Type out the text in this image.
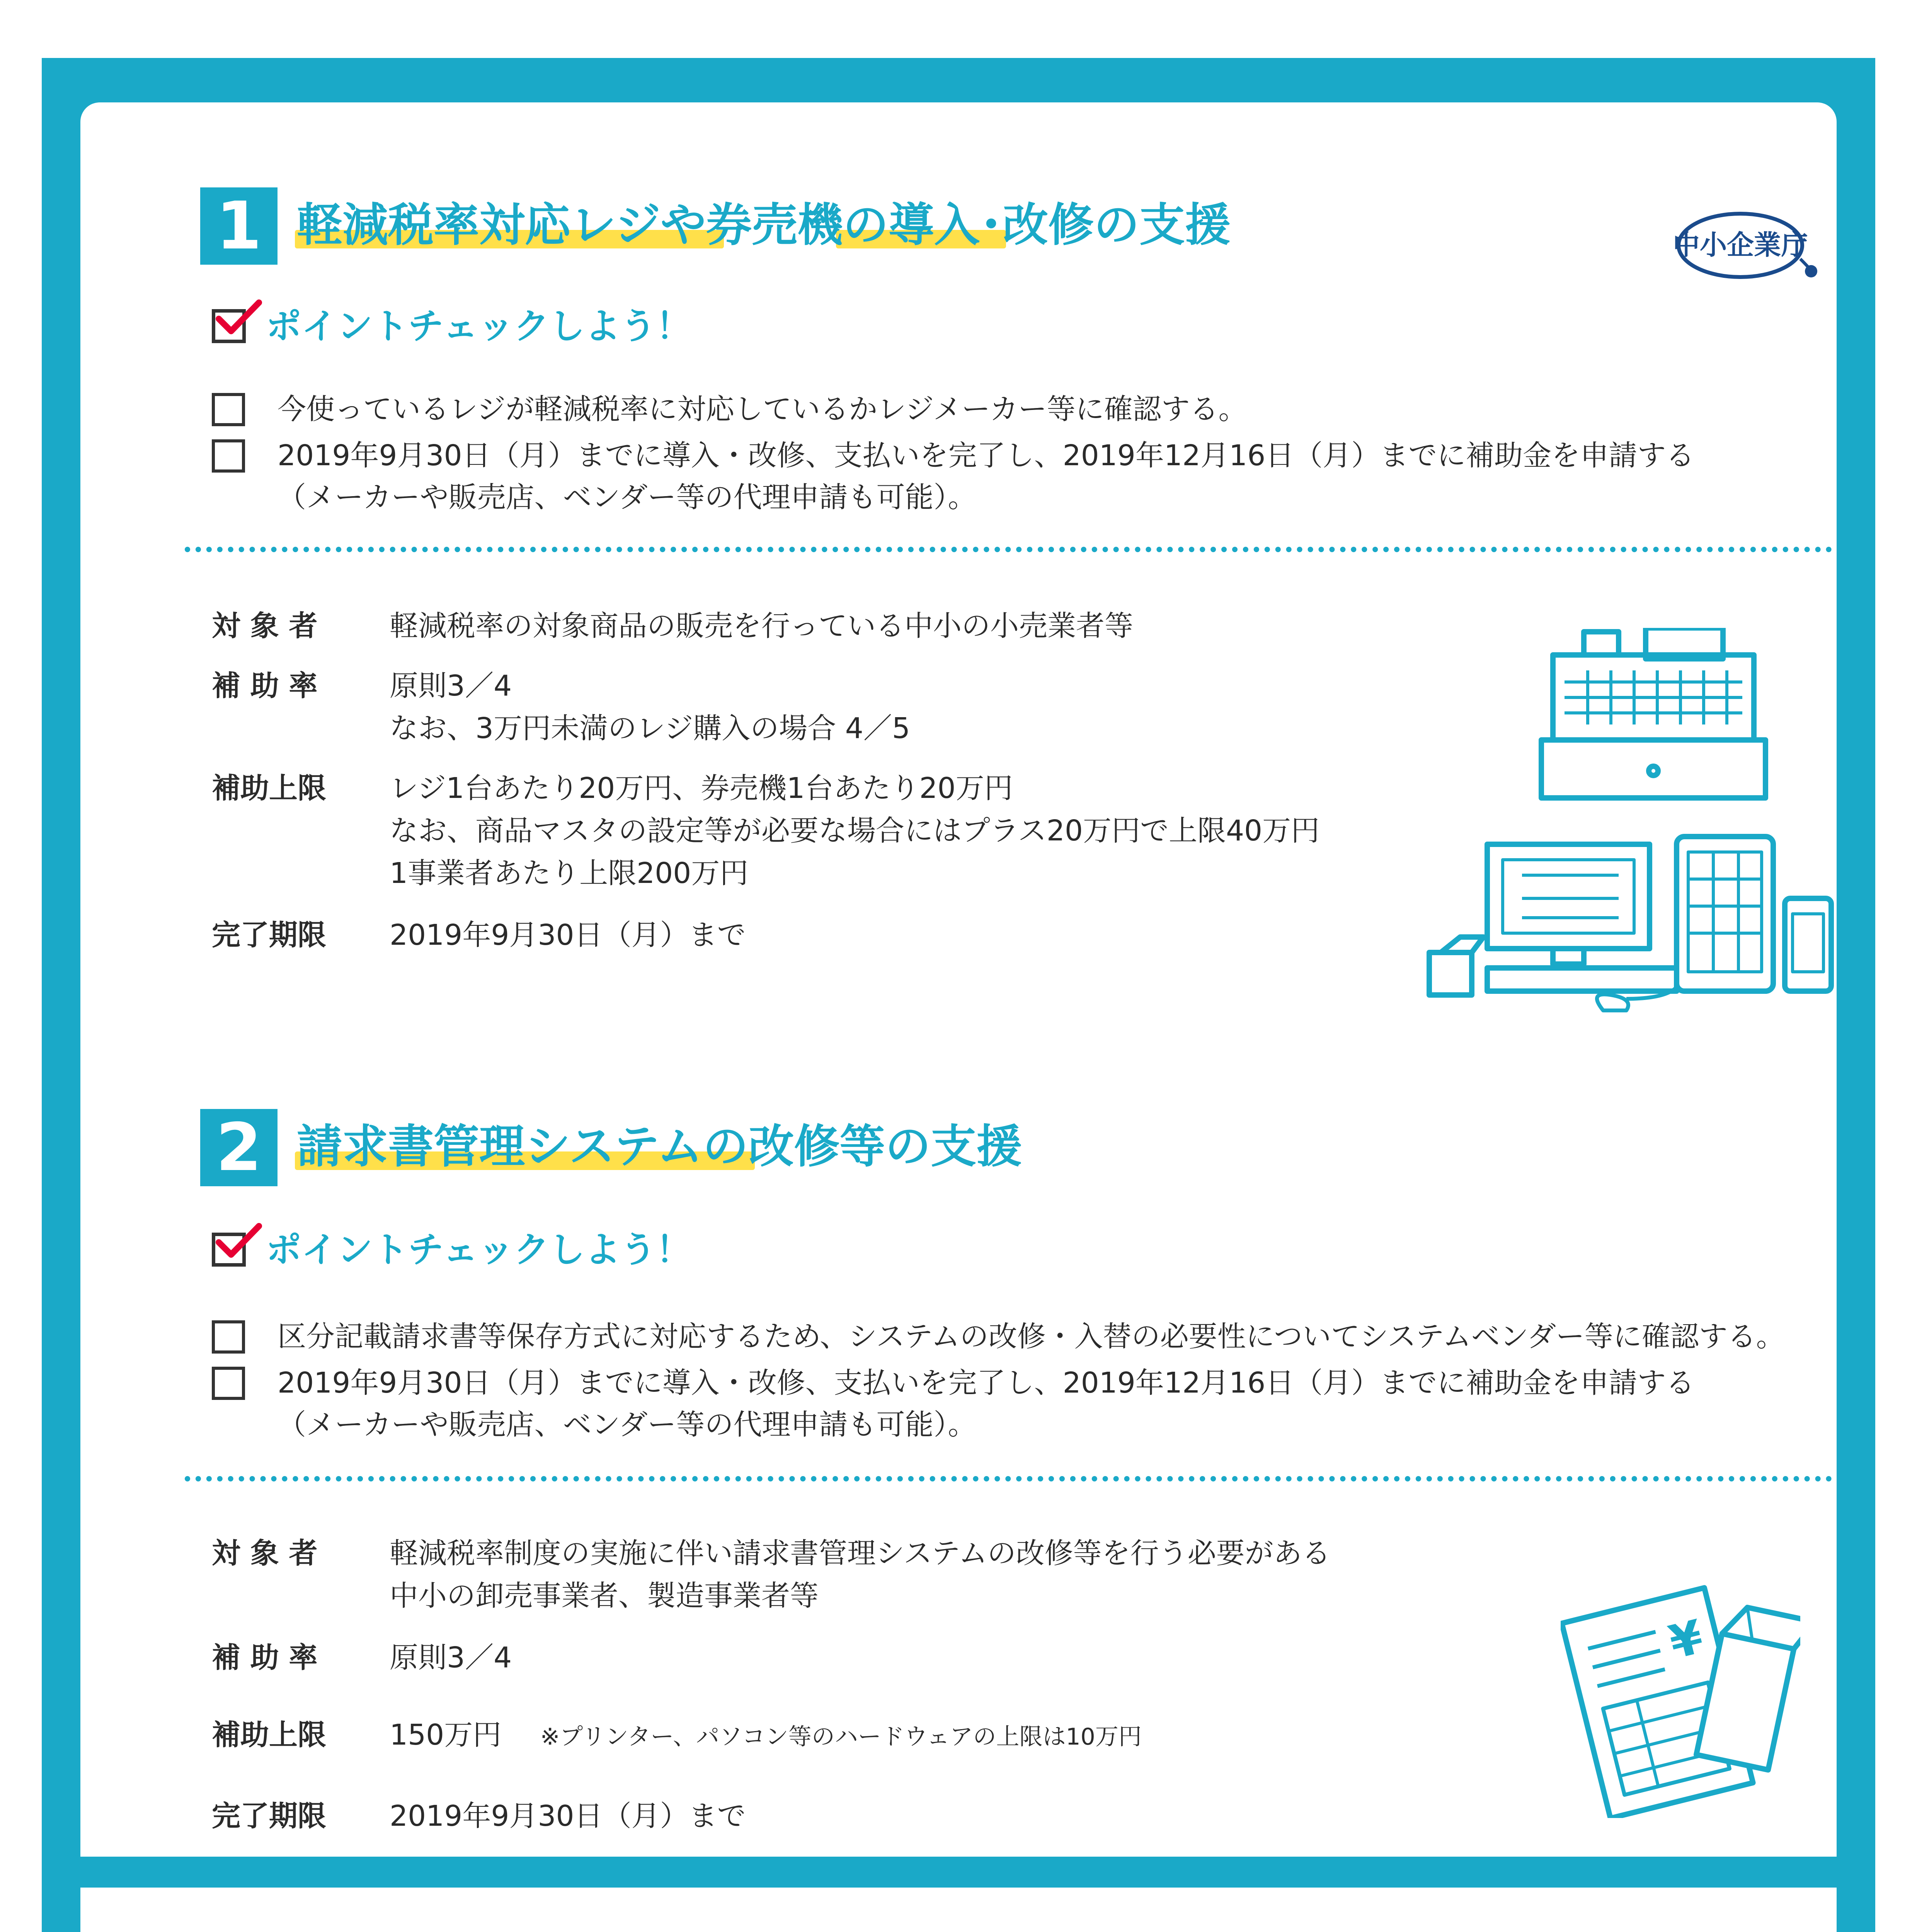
中小企業庁
1 軽減税率対応レジや券売機の導入･改修の支援
ポイントチェックしよう！
今使っているレジが軽減税率に対応しているかレジメーカー等に確認する。
2019年9月30日（月）までに導入・改修、支払いを完了し、2019年12月16日（月）までに補助金を申請する
（メーカーや販売店、ベンダー等の代理申請も可能）。
対 象 者	軽減税率の対象商品の販売を行っている中小の小売業者等
補 助 率	原則3／4
なお、3万円未満のレジ購入の場合 4／5
補助上限	レジ1台あたり20万円、券売機1台あたり20万円
なお、商品マスタの設定等が必要な場合にはプラス20万円で上限40万円
1事業者あたり上限200万円
完了期限	2019年9月30日（月）まで
2 請求書管理システムの改修等の支援
ポイントチェックしよう！
区分記載請求書等保存方式に対応するため、システムの改修・入替の必要性についてシステムベンダー等に確認する。
2019年9月30日（月）までに導入・改修、支払いを完了し、2019年12月16日（月）までに補助金を申請する
（メーカーや販売店、ベンダー等の代理申請も可能）。
対 象 者	軽減税率制度の実施に伴い請求書管理システムの改修等を行う必要がある
中小の卸売事業者、製造事業者等
補 助 率	原則3／4
補助上限	150万円 ※プリンター、パソコン等のハードウェアの上限は10万円
完了期限	2019年9月30日（月）まで
¥
